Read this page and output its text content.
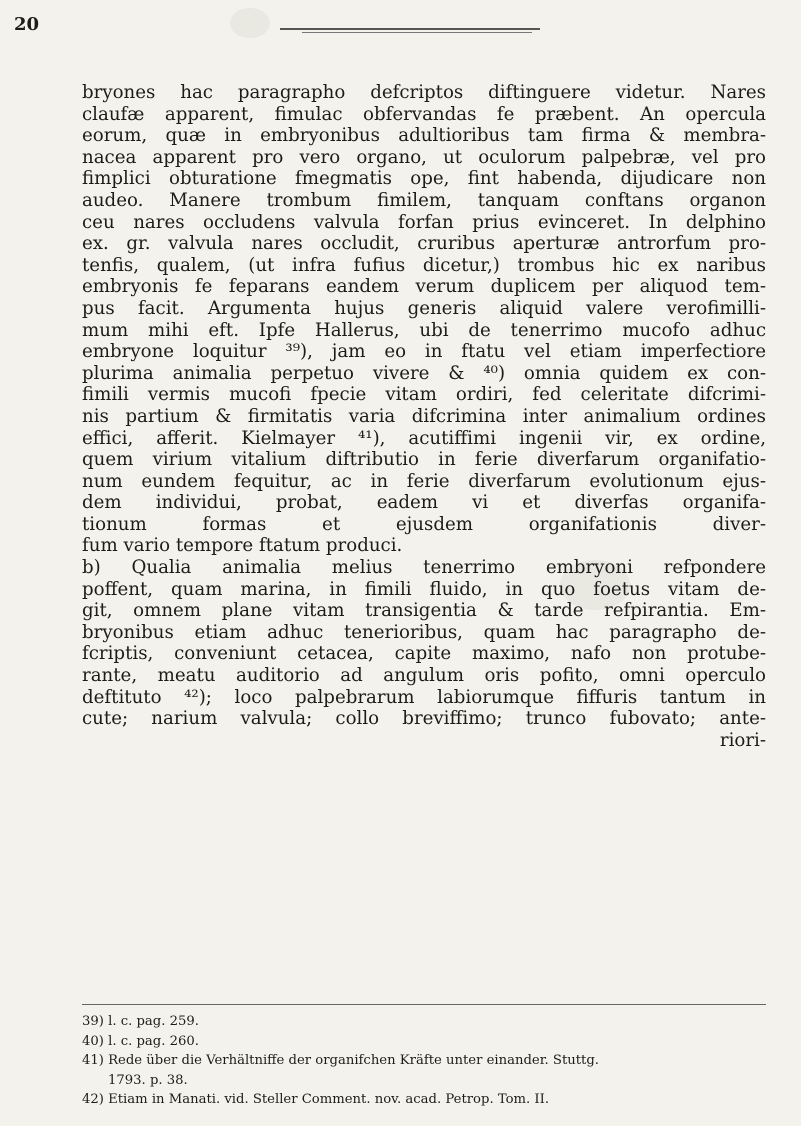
20
bryones hac paragrapho defcriptos diftinguere videtur. Nares
claufæ apparent, fimulac obfervandas fe præbent. An opercula
eorum, quæ in embryonibus adultioribus tam firma & membra-
nacea apparent pro vero organo, ut oculorum palpebræ, vel pro
fimplici obturatione fmegmatis ope, fint habenda, dijudicare non
audeo. Manere trombum fimilem, tanquam conftans organon
ceu nares occludens valvula forfan prius evinceret. In delphino
ex. gr. valvula nares occludit, cruribus aperturæ antrorfum pro-
tenfis, qualem, (ut infra fufius dicetur,) trombus hic ex naribus
embryonis fe feparans eandem verum duplicem per aliquod tem-
pus facit. Argumenta hujus generis aliquid valere verofimilli-
mum mihi eft. Ipfe Hallerus, ubi de tenerrimo mucofo adhuc
embryone loquitur ³⁹), jam eo in ftatu vel etiam imperfectiore
plurima animalia perpetuo vivere & ⁴⁰) omnia quidem ex con-
fimili vermis mucofi fpecie vitam ordiri, fed celeritate difcrimi-
nis partium & firmitatis varia difcrimina inter animalium ordines
effici, afferit. Kielmayer ⁴¹), acutiffimi ingenii vir, ex ordine,
quem virium vitalium diftributio in ferie diverfarum organifatio-
num eundem fequitur, ac in ferie diverfarum evolutionum ejus-
dem individui, probat, eadem vi et diverfas organifa-
tionum formas et ejusdem organifationis diver-
fum vario tempore ftatum produci.
b) Qualia animalia melius tenerrimo embryoni refpondere
poffent, quam marina, in fimili fluido, in quo foetus vitam de-
git, omnem plane vitam transigentia & tarde refpirantia. Em-
bryonibus etiam adhuc tenerioribus, quam hac paragrapho de-
fcriptis, conveniunt cetacea, capite maximo, nafo non protube-
rante, meatu auditorio ad angulum oris pofito, omni operculo
deftituto ⁴²); loco palpebrarum labiorumque fiffuris tantum in
cute; narium valvula; collo breviffimo; trunco fubovato; ante-
riori-
39) l. c. pag. 259.
40) l. c. pag. 260.
41) Rede über die Verhältniffe der organifchen Kräfte unter einander. Stuttg.
1793. p. 38.
42) Etiam in Manati. vid. Steller Comment. nov. acad. Petrop. Tom. II.
